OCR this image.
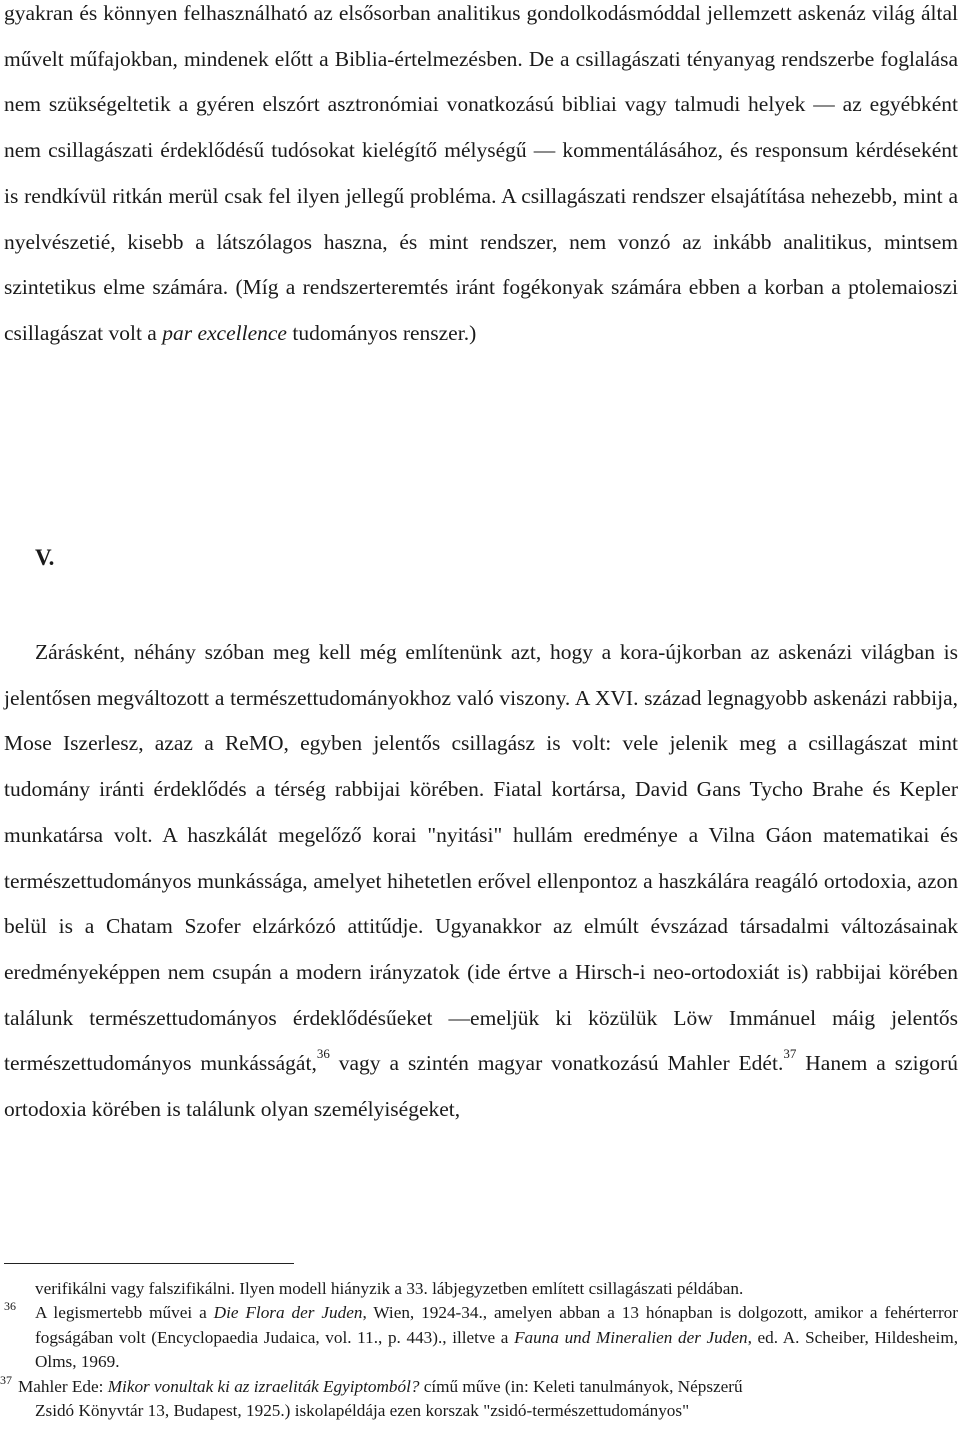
gyakran és könnyen felhasználható az elsősorban analitikus gondolkodásmóddal jellemzett askenáz világ által művelt műfajokban, mindenek előtt a Biblia-értelmezésben. De a csillagászati tényanyag rendszerbe foglalása nem szükségeltetik a gyéren elszórt asztronómiai vonatkozású bibliai vagy talmudi helyek — az egyébként nem csillagászati érdeklődésű tudósokat kielégítő mélységű — kommentálásához, és responsum kérdéseként is rendkívül ritkán merül csak fel ilyen jellegű probléma. A csillagászati rendszer elsajátítása nehezebb, mint a nyelvészetié, kisebb a látszólagos haszna, és mint rendszer, nem vonzó az inkább analitikus, mintsem szintetikus elme számára. (Míg a rendszerteremtés iránt fogékonyak számára ebben a korban a ptolemaioszi csillagászat volt a par excellence tudományos renszer.)

V.

Zárásként, néhány szóban meg kell még említenünk azt, hogy a kora-újkorban az askenázi világban is jelentősen megváltozott a természettudományokhoz való viszony. A XVI. század legnagyobb askenázi rabbija, Mose Iszerlesz, azaz a ReMO, egyben jelentős csillagász is volt: vele jelenik meg a csillagászat mint tudomány iránti érdeklődés a térség rabbijai körében. Fiatal kortársa, David Gans Tycho Brahe és Kepler munkatársa volt. A haszkálát megelőző korai "nyitási" hullám eredménye a Vilna Gáon matematikai és természettudományos munkássága, amelyet hihetetlen erővel ellenpontoz a haszkálára reagáló ortodoxia, azon belül is a Chatam Szofer elzárkózó attitűdje. Ugyanakkor az elmúlt évszázad társadalmi változásainak eredményeképpen nem csupán a modern irányzatok (ide értve a Hirsch-i neo-ortodoxiát is) rabbijai körében találunk természettudományos érdeklődésűeket —emeljük ki közülük Löw Immánuel máig jelentős természettudományos munkásságát,$^{36}$ vagy a szintén magyar vonatkozású Mahler Edét.$^{37}$ Hanem a szigorú ortodoxia körében is találunk olyan személyiségeket,

verifikálni vagy falszifikálni. Ilyen modell hiányzik a 33. lábjegyzetben említett csillagászati példában.

36 A legismertebb művei a Die Flora der Juden, Wien, 1924-34., amelyen abban a 13 hónapban is dolgozott, amikor a fehérterror fogságában volt (Encyclopaedia Judaica, vol. 11., p. 443)., illetve a Fauna und Mineralien der Juden, ed. A. Scheiber, Hildesheim, Olms, 1969.

37 Mahler Ede: Mikor vonultak ki az izraeliták Egyiptomból? című műve (in: Keleti tanulmányok, Népszerű
Zsidó Könyvtár 13, Budapest, 1925.) iskolapéldája ezen korszak "zsidó-természettudományos"
